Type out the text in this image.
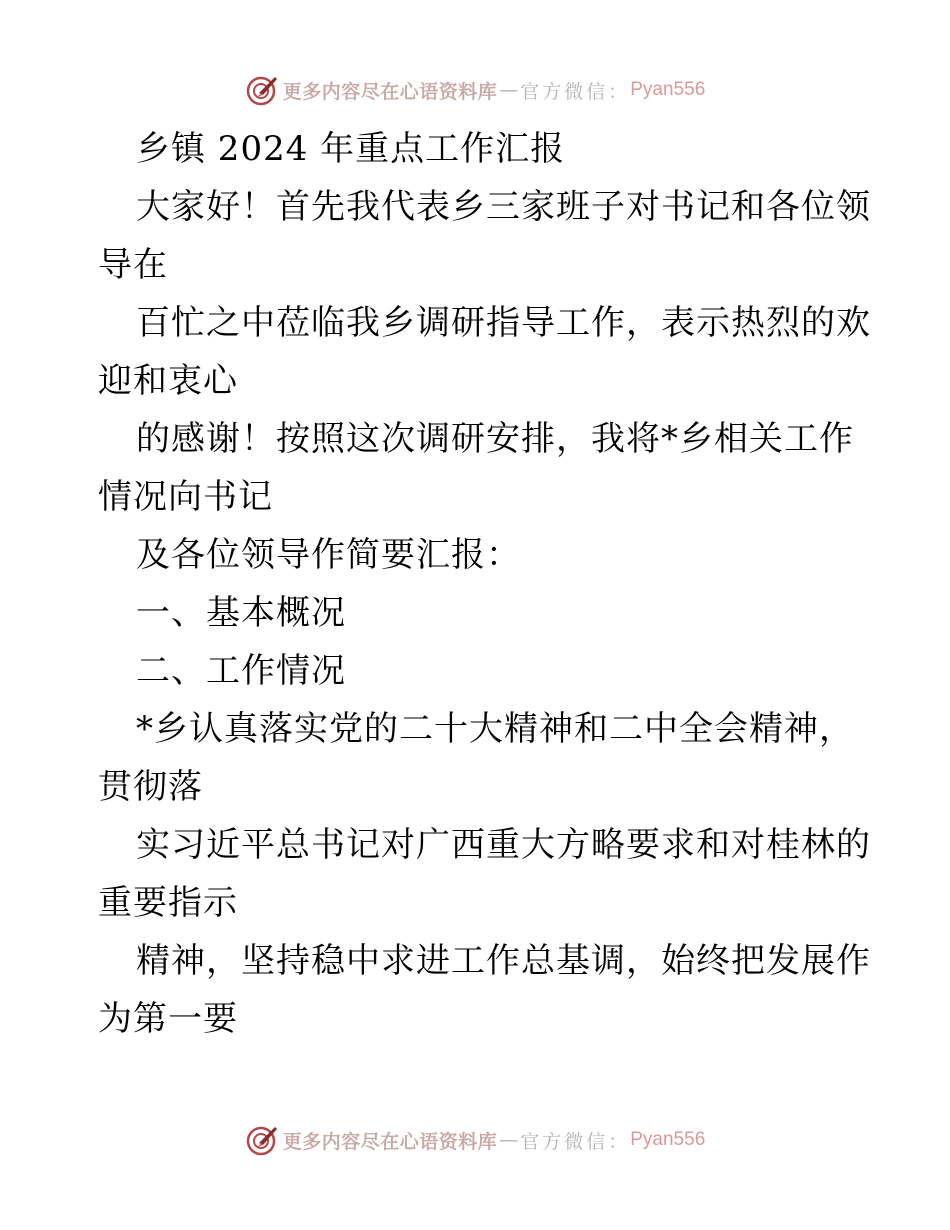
更多内容尽在心语资料库 — 官方微信： Pyan556
乡镇 2024 年重点工作汇报
大家好！首先我代表乡三家班子对书记和各位领
导在
百忙之中莅临我乡调研指导工作，表示热烈的欢
迎和衷心
的感谢！按照这次调研安排，我将*乡相关工作
情况向书记
及各位领导作简要汇报：
一、基本概况
二、工作情况
*乡认真落实党的二十大精神和二中全会精神，
贯彻落
实习近平总书记对广西重大方略要求和对桂林的
重要指示
精神，坚持稳中求进工作总基调，始终把发展作
为第一要
更多内容尽在心语资料库 — 官方微信： Pyan556
